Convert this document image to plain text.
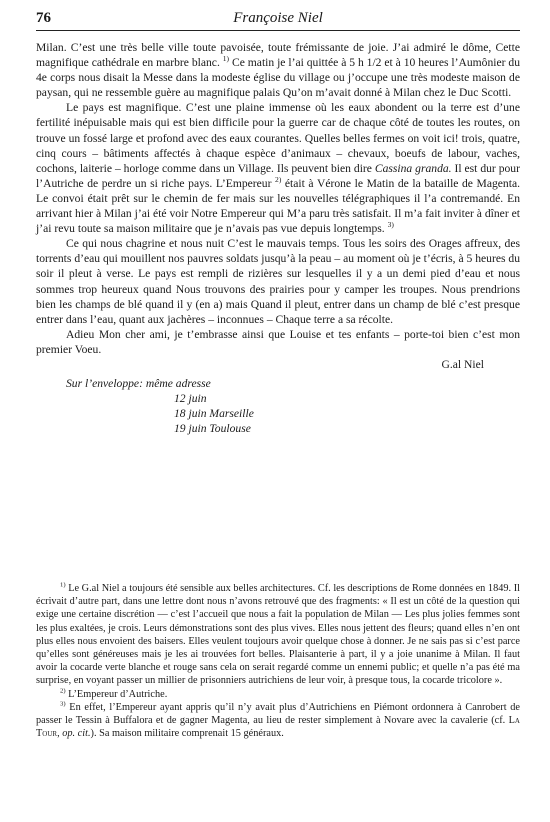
76	Françoise Niel

Milan. C’est une très belle ville toute pavoisée, toute frémissante de joie. J’ai admiré le dôme, Cette magnifique cathédrale en marbre blanc. $^{1)}$ Ce matin je l’ai quittée à 5 h 1/2 et à 10 heures l’Aumônier du 4e corps nous disait la Messe dans la modeste église du village ou j’occupe une très modeste maison de paysan, qui ne ressemble guère au magnifique palais Qu’on m’avait donné à Milan chez le Duc Scotti.

Le pays est magnifique. C’est une plaine immense où les eaux abondent ou la terre est d’une fertilité inépuisable mais qui est bien difficile pour la guerre car de chaque côté de toutes les routes, on trouve un fossé large et profond avec des eaux courantes. Quelles belles fermes on voit ici! trois, quatre, cinq cours – bâtiments affectés à chaque espèce d’animaux – chevaux, boeufs de labour, vaches, cochons, laiterie – horloge comme dans un Village. Ils peuvent bien dire Cassina granda. Il est dur pour l’Autriche de perdre un si riche pays. L’Empereur $^{2)}$ était à Vérone le Matin de la bataille de Magenta. Le convoi était prêt sur le chemin de fer mais sur les nouvelles télégraphiques il l’a contremandé. En arrivant hier à Milan j’ai été voir Notre Empereur qui M’a paru très satisfait. Il m’a fait inviter à dîner et j’ai revu toute sa maison militaire que je n’avais pas vue depuis longtemps. $^{3)}$

Ce qui nous chagrine et nous nuit C’est le mauvais temps. Tous les soirs des Orages affreux, des torrents d’eau qui mouillent nos pauvres soldats jusqu’à la peau – au moment où je t’écris, à 5 heures du soir il pleut à verse. Le pays est rempli de rizières sur lesquelles il y a un demi pied d’eau et nous sommes trop heureux quand Nous trouvons des prairies pour y camper les troupes. Nous prendrions bien les champs de blé quand il y (en a) mais Quand il pleut, entrer dans un champ de blé c’est presque entrer dans l’eau, quant aux jachères – inconnues – Chaque terre a sa récolte.

Adieu Mon cher ami, je t’embrasse ainsi que Louise et tes enfants – porte-toi bien c’est mon premier Voeu.

G.al Niel
Sur l’enveloppe: même adresse
12 juin
18 juin Marseille
19 juin Toulouse

$^{1)}$ Le G.al Niel a toujours été sensible aux belles architectures. Cf. les descriptions de Rome données en 1849. Il écrivait d’autre part, dans une lettre dont nous n’avons retrouvé que des fragments: « Il est un côté de la question qui exige une certaine discrétion — c’est l’accueil que nous a fait la population de Milan — Les plus jolies femmes sont les plus exaltées, je crois. Leurs démonstrations sont des plus vives. Elles nous jettent des fleurs; quand elles n’en ont plus elles nous envoient des baisers. Elles veulent toujours avoir quelque chose à donner. Je ne sais pas si c’est parce qu’elles sont généreuses mais je les ai trouvées fort belles. Plaisanterie à part, il y a joie unanime à Milan. Il faut avoir la cocarde verte blanche et rouge sans cela on serait regardé comme un ennemi public; et quelle n’a pas été ma surprise, en voyant passer un millier de prisonniers autrichiens de leur voir, à presque tous, la cocarde tricolore ».

$^{2)}$ L’Empereur d’Autriche.

$^{3)}$ En effet, l’Empereur ayant appris qu’il n’y avait plus d’Autrichiens en Piémont ordonnera à Canrobert de passer le Tessin à Buffalora et de gagner Magenta, au lieu de rester simplement à Novare avec la cavalerie (cf. La Tour, op. cit.). Sa maison militaire comprenait 15 généraux.
